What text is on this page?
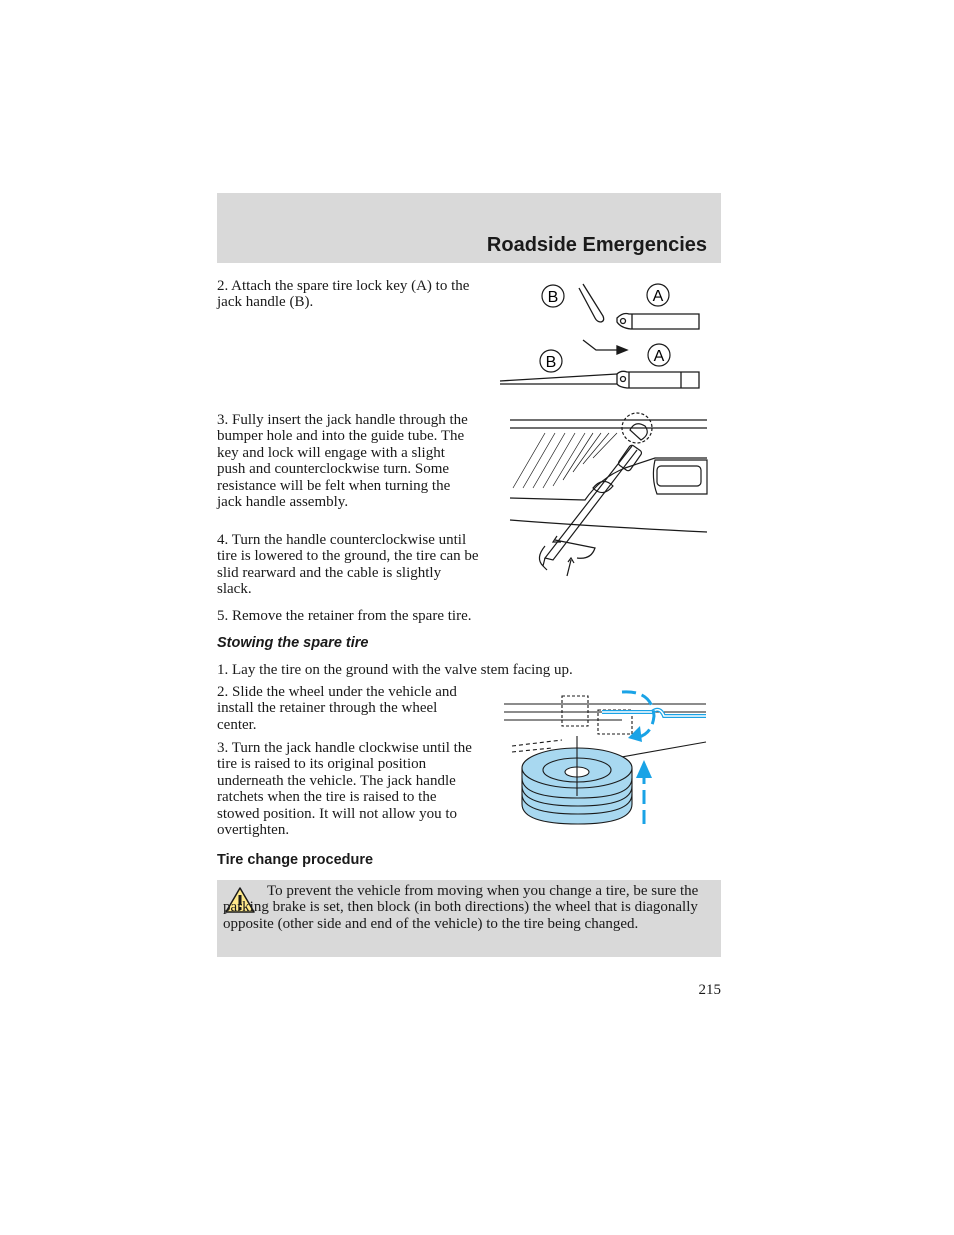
Roadside Emergencies
2. Attach the spare tire lock key (A) to the jack handle (B).	B	A
B	A
3. Fully insert the jack handle through the bumper hole and into the guide tube. The key and lock will engage with a slight push and counterclockwise turn. Some resistance will be felt when turning the jack handle assembly.
4. Turn the handle counterclockwise until tire is lowered to the ground, the tire can be slid rearward and the cable is slightly slack.
5. Remove the retainer from the spare tire.
Stowing the spare tire
1. Lay the tire on the ground with the valve stem facing up.
2. Slide the wheel under the vehicle and install the retainer through the wheel center.
3. Turn the jack handle clockwise until the tire is raised to its original position underneath the vehicle. The jack handle ratchets when the tire is raised to the stowed position. It will not allow you to overtighten.
Tire change procedure
To prevent the vehicle from moving when you change a tire, be sure the parking brake is set, then block (in both directions) the wheel that is diagonally opposite (other side and end of the vehicle) to the tire being changed.
215
